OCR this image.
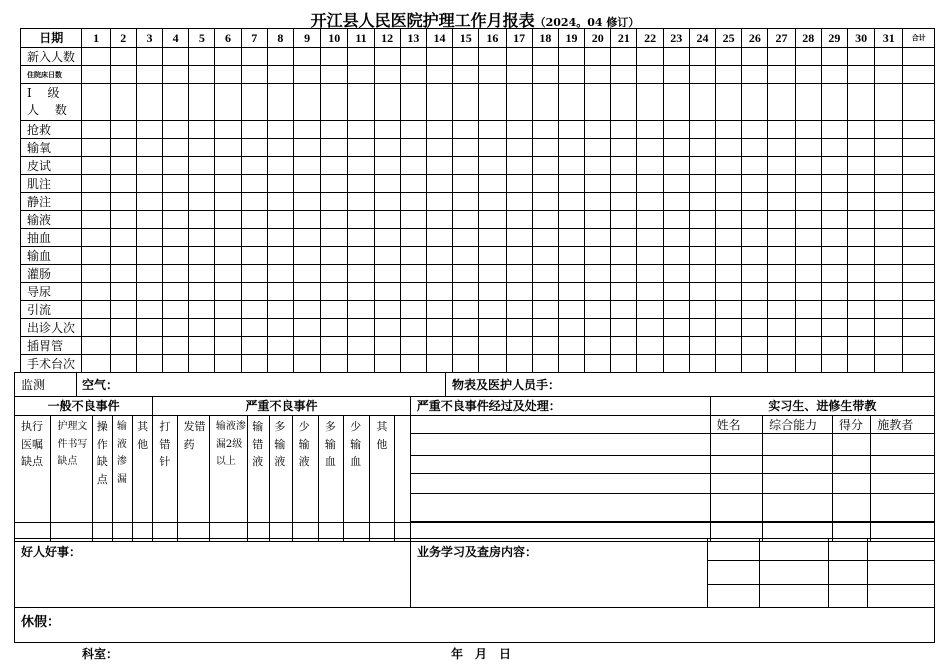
开江县人民医院护理工作月报表（2024。04 修订）
日期	1	2	3	4	5	6	7	8	9	10	11	12	13	14	15	16	17	18	19	20	21	22	23	24	25	26	27	28	29	30	31	合计
新入人数																																
住院床日数																																
Ⅰ 级 人 数																																
抢救																																
输氧																																
皮试																																
肌注																																
静注																																
输液																																
抽血																																
输血																																
灌肠																																
导尿																																
引流																																
出诊人次																																
插胃管																																
手术台次																																
监测	空气：	物表及医护人员手：
一般不良事件					严重不良事件										严重不良事件经过及处理：	实习生、进修生带教			
执行医嘱缺点	护理文件书写缺点	操作缺点	输液渗漏	其他	打错针	发错药	输液渗漏2级以上	输错液	多输液	少输液	多输血	少输血	其他			姓名	综合能力	得分	施教者

好人好事：	业务学习及查房内容：
休假：
科室：	年　月　日
